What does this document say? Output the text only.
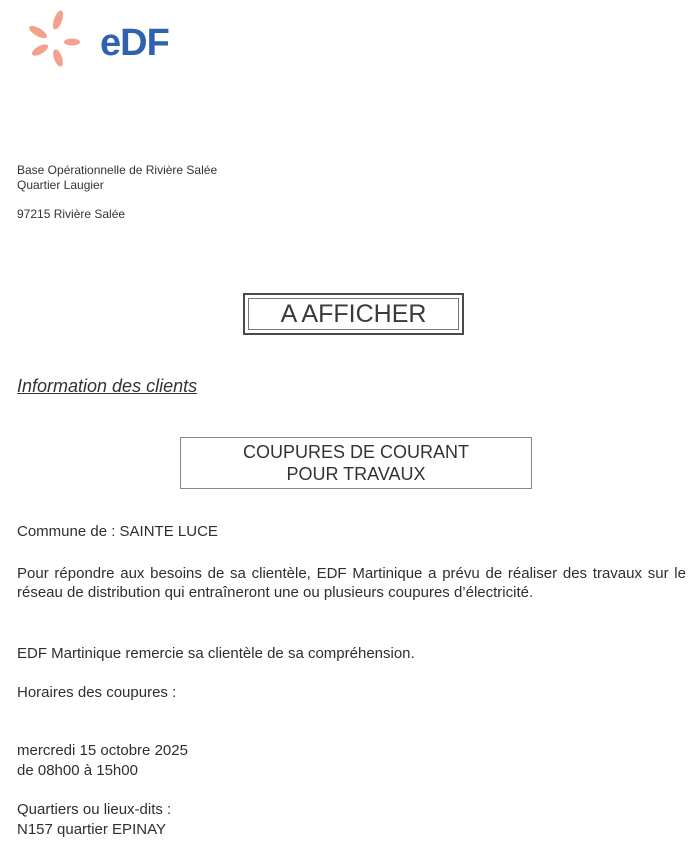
eDF
Base Opérationnelle de Rivière Salée
Quartier Laugier
97215 Rivière Salée
A AFFICHER
Information des clients
COUPURES DE COURANT
POUR TRAVAUX
Commune de : SAINTE LUCE
Pour répondre aux besoins de sa clientèle, EDF Martinique a prévu de réaliser des travaux sur le réseau de distribution qui entraîneront une ou plusieurs coupures d’électricité.
EDF Martinique remercie sa clientèle de sa compréhension.
Horaires des coupures :
mercredi 15 octobre 2025
de 08h00 à 15h00
Quartiers ou lieux-dits :
N157 quartier EPINAY
